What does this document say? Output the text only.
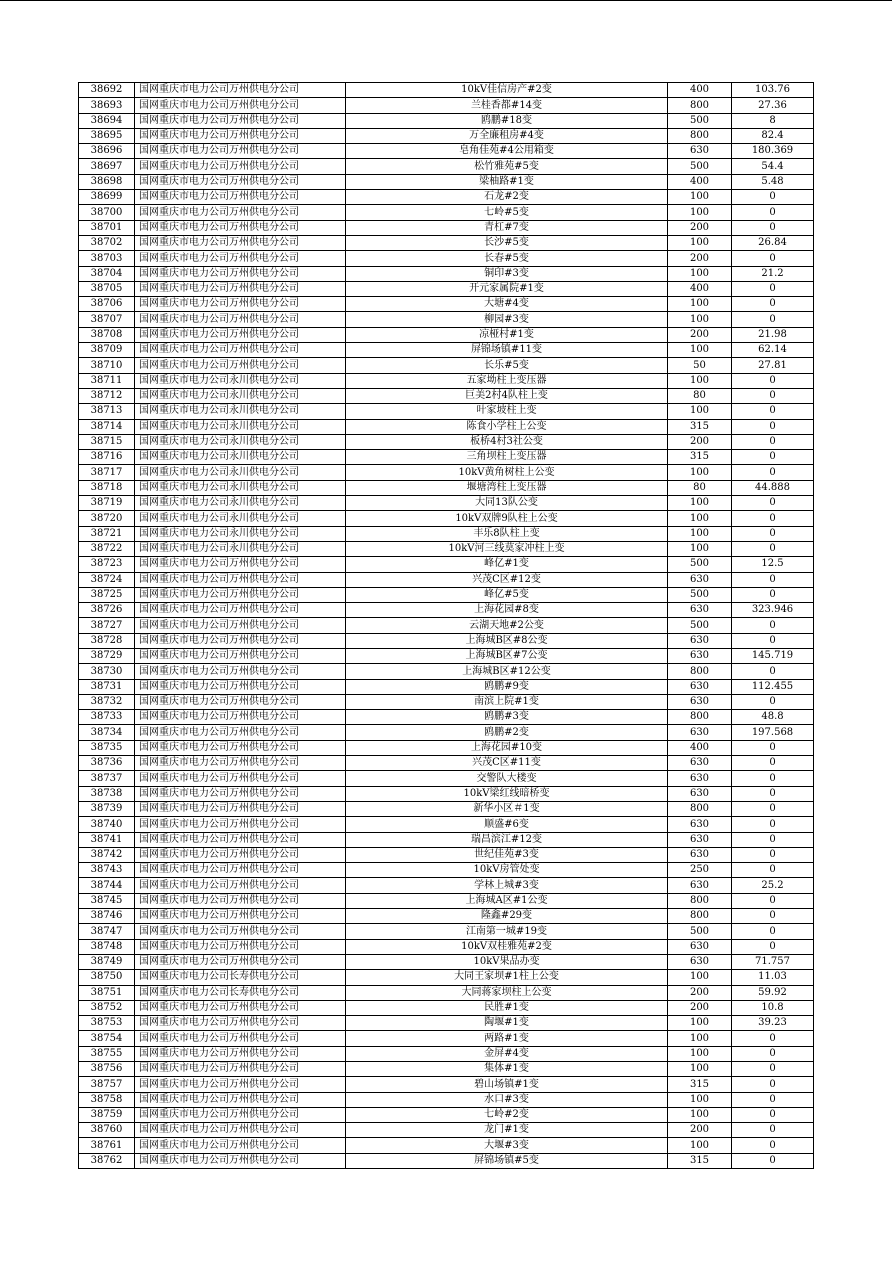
38692	国网重庆市电力公司万州供电分公司	10kV佳信房产#2变	400	103.76
38693	国网重庆市电力公司万州供电分公司	兰桂香都#14变	800	27.36
38694	国网重庆市电力公司万州供电分公司	鸥鹏#18变	500	8
38695	国网重庆市电力公司万州供电分公司	万全廉租房#4变	800	82.4
38696	国网重庆市电力公司万州供电分公司	皂角佳苑#4公用箱变	630	180.369
38697	国网重庆市电力公司万州供电分公司	松竹雅苑#5变	500	54.4
38698	国网重庆市电力公司万州供电分公司	梁柚路#1变	400	5.48
38699	国网重庆市电力公司万州供电分公司	石龙#2变	100	0
38700	国网重庆市电力公司万州供电分公司	七岭#5变	100	0
38701	国网重庆市电力公司万州供电分公司	青杠#7变	200	0
38702	国网重庆市电力公司万州供电分公司	长沙#5变	100	26.84
38703	国网重庆市电力公司万州供电分公司	长春#5变	200	0
38704	国网重庆市电力公司万州供电分公司	铜印#3变	100	21.2
38705	国网重庆市电力公司万州供电分公司	开元家属院#1变	400	0
38706	国网重庆市电力公司万州供电分公司	大塘#4变	100	0
38707	国网重庆市电力公司万州供电分公司	柳园#3变	100	0
38708	国网重庆市电力公司万州供电分公司	凉桠村#1变	200	21.98
38709	国网重庆市电力公司万州供电分公司	屏锦场镇#11变	100	62.14
38710	国网重庆市电力公司万州供电分公司	长乐#5变	50	27.81
38711	国网重庆市电力公司永川供电分公司	五家坳柱上变压器	100	0
38712	国网重庆市电力公司永川供电分公司	巨美2村4队柱上变	80	0
38713	国网重庆市电力公司永川供电分公司	叶家坡柱上变	100	0
38714	国网重庆市电力公司永川供电分公司	陈食小学柱上公变	315	0
38715	国网重庆市电力公司永川供电分公司	板桥4村3社公变	200	0
38716	国网重庆市电力公司永川供电分公司	三角坝柱上变压器	315	0
38717	国网重庆市电力公司永川供电分公司	10kV黄角树柱上公变	100	0
38718	国网重庆市电力公司永川供电分公司	堰塘湾柱上变压器	80	44.888
38719	国网重庆市电力公司永川供电分公司	大同13队公变	100	0
38720	国网重庆市电力公司永川供电分公司	10kV双牌9队柱上公变	100	0
38721	国网重庆市电力公司永川供电分公司	丰乐8队柱上变	100	0
38722	国网重庆市电力公司永川供电分公司	10kV河三线莫家冲柱上变	100	0
38723	国网重庆市电力公司万州供电分公司	峰亿#1变	500	12.5
38724	国网重庆市电力公司万州供电分公司	兴茂C区#12变	630	0
38725	国网重庆市电力公司万州供电分公司	峰亿#5变	500	0
38726	国网重庆市电力公司万州供电分公司	上海花园#8变	630	323.946
38727	国网重庆市电力公司万州供电分公司	云湖天地#2公变	500	0
38728	国网重庆市电力公司万州供电分公司	上海城B区#8公变	630	0
38729	国网重庆市电力公司万州供电分公司	上海城B区#7公变	630	145.719
38730	国网重庆市电力公司万州供电分公司	上海城B区#12公变	800	0
38731	国网重庆市电力公司万州供电分公司	鸥鹏#9变	630	112.455
38732	国网重庆市电力公司万州供电分公司	南滨上院#1变	630	0
38733	国网重庆市电力公司万州供电分公司	鸥鹏#3变	800	48.8
38734	国网重庆市电力公司万州供电分公司	鸥鹏#2变	630	197.568
38735	国网重庆市电力公司万州供电分公司	上海花园#10变	400	0
38736	国网重庆市电力公司万州供电分公司	兴茂C区#11变	630	0
38737	国网重庆市电力公司万州供电分公司	交警队大楼变	630	0
38738	国网重庆市电力公司万州供电分公司	10kV梁红线暗桥变	630	0
38739	国网重庆市电力公司万州供电分公司	新华小区＃1变	800	0
38740	国网重庆市电力公司万州供电分公司	顺盛#6变	630	0
38741	国网重庆市电力公司万州供电分公司	瑞昌滨江#12变	630	0
38742	国网重庆市电力公司万州供电分公司	世纪佳苑#3变	630	0
38743	国网重庆市电力公司万州供电分公司	10kV房管处变	250	0
38744	国网重庆市电力公司万州供电分公司	学林上城#3变	630	25.2
38745	国网重庆市电力公司万州供电分公司	上海城A区#1公变	800	0
38746	国网重庆市电力公司万州供电分公司	隆鑫#29变	800	0
38747	国网重庆市电力公司万州供电分公司	江南第一城#19变	500	0
38748	国网重庆市电力公司万州供电分公司	10kV双桂雅苑#2变	630	0
38749	国网重庆市电力公司万州供电分公司	10kV果品办变	630	71.757
38750	国网重庆市电力公司长寿供电分公司	大同王家坝#1柱上公变	100	11.03
38751	国网重庆市电力公司长寿供电分公司	大同蒋家坝柱上公变	200	59.92
38752	国网重庆市电力公司万州供电分公司	民胜#1变	200	10.8
38753	国网重庆市电力公司万州供电分公司	陶堰#1变	100	39.23
38754	国网重庆市电力公司万州供电分公司	两路#1变	100	0
38755	国网重庆市电力公司万州供电分公司	金屏#4变	100	0
38756	国网重庆市电力公司万州供电分公司	集体#1变	100	0
38757	国网重庆市电力公司万州供电分公司	碧山场镇#1变	315	0
38758	国网重庆市电力公司万州供电分公司	水口#3变	100	0
38759	国网重庆市电力公司万州供电分公司	七岭#2变	100	0
38760	国网重庆市电力公司万州供电分公司	龙门#1变	200	0
38761	国网重庆市电力公司万州供电分公司	大堰#3变	100	0
38762	国网重庆市电力公司万州供电分公司	屏锦场镇#5变	315	0
